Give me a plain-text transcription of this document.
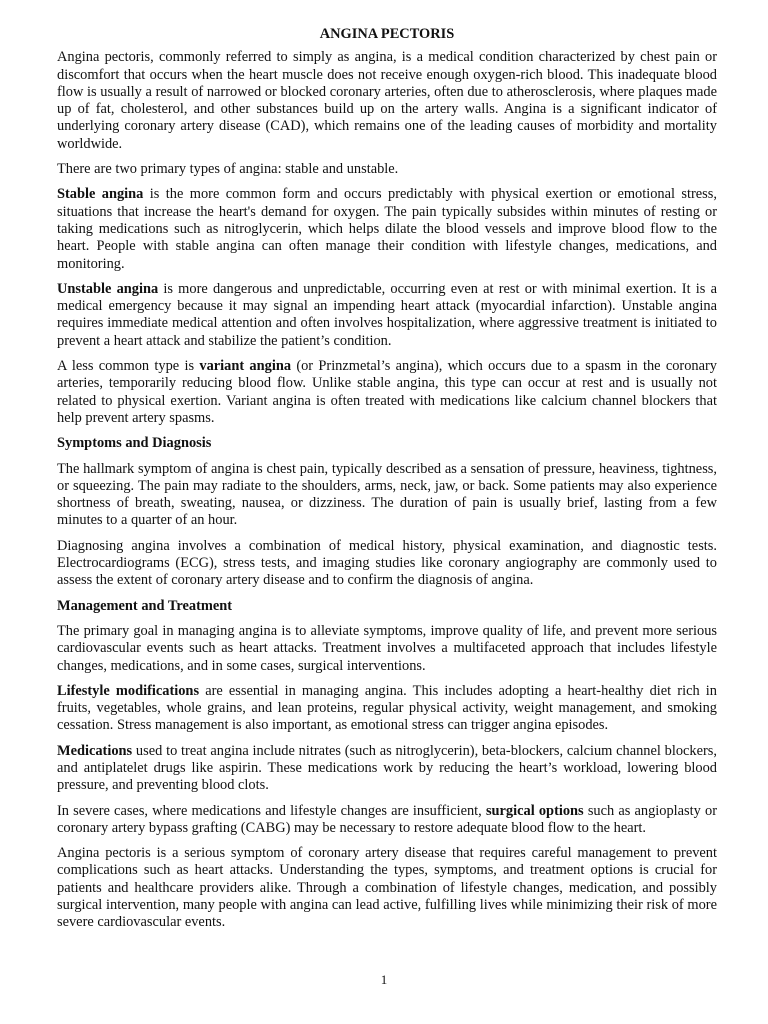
ANGINA PECTORIS

Angina pectoris, commonly referred to simply as angina, is a medical condition characterized by chest pain or discomfort that occurs when the heart muscle does not receive enough oxygen-rich blood. This inadequate blood flow is usually a result of narrowed or blocked coronary arteries, often due to atherosclerosis, where plaques made up of fat, cholesterol, and other substances build up on the artery walls. Angina is a significant indicator of underlying coronary artery disease (CAD), which remains one of the leading causes of morbidity and mortality worldwide.

There are two primary types of angina: stable and unstable.

Stable angina is the more common form and occurs predictably with physical exertion or emotional stress, situations that increase the heart's demand for oxygen. The pain typically subsides within minutes of resting or taking medications such as nitroglycerin, which helps dilate the blood vessels and improve blood flow to the heart. People with stable angina can often manage their condition with lifestyle changes, medications, and monitoring.

Unstable angina is more dangerous and unpredictable, occurring even at rest or with minimal exertion. It is a medical emergency because it may signal an impending heart attack (myocardial infarction). Unstable angina requires immediate medical attention and often involves hospitalization, where aggressive treatment is initiated to prevent a heart attack and stabilize the patient’s condition.

A less common type is variant angina (or Prinzmetal’s angina), which occurs due to a spasm in the coronary arteries, temporarily reducing blood flow. Unlike stable angina, this type can occur at rest and is usually not related to physical exertion. Variant angina is often treated with medications like calcium channel blockers that help prevent artery spasms.

Symptoms and Diagnosis

The hallmark symptom of angina is chest pain, typically described as a sensation of pressure, heaviness, tightness, or squeezing. The pain may radiate to the shoulders, arms, neck, jaw, or back. Some patients may also experience shortness of breath, sweating, nausea, or dizziness. The duration of pain is usually brief, lasting from a few minutes to a quarter of an hour.

Diagnosing angina involves a combination of medical history, physical examination, and diagnostic tests. Electrocardiograms (ECG), stress tests, and imaging studies like coronary angiography are commonly used to assess the extent of coronary artery disease and to confirm the diagnosis of angina.

Management and Treatment

The primary goal in managing angina is to alleviate symptoms, improve quality of life, and prevent more serious cardiovascular events such as heart attacks. Treatment involves a multifaceted approach that includes lifestyle changes, medications, and in some cases, surgical interventions.

Lifestyle modifications are essential in managing angina. This includes adopting a heart-healthy diet rich in fruits, vegetables, whole grains, and lean proteins, regular physical activity, weight management, and smoking cessation. Stress management is also important, as emotional stress can trigger angina episodes.

Medications used to treat angina include nitrates (such as nitroglycerin), beta-blockers, calcium channel blockers, and antiplatelet drugs like aspirin. These medications work by reducing the heart’s workload, lowering blood pressure, and preventing blood clots.

In severe cases, where medications and lifestyle changes are insufficient, surgical options such as angioplasty or coronary artery bypass grafting (CABG) may be necessary to restore adequate blood flow to the heart.

Angina pectoris is a serious symptom of coronary artery disease that requires careful management to prevent complications such as heart attacks. Understanding the types, symptoms, and treatment options is crucial for patients and healthcare providers alike. Through a combination of lifestyle changes, medication, and possibly surgical intervention, many people with angina can lead active, fulfilling lives while minimizing their risk of more severe cardiovascular events.

1
